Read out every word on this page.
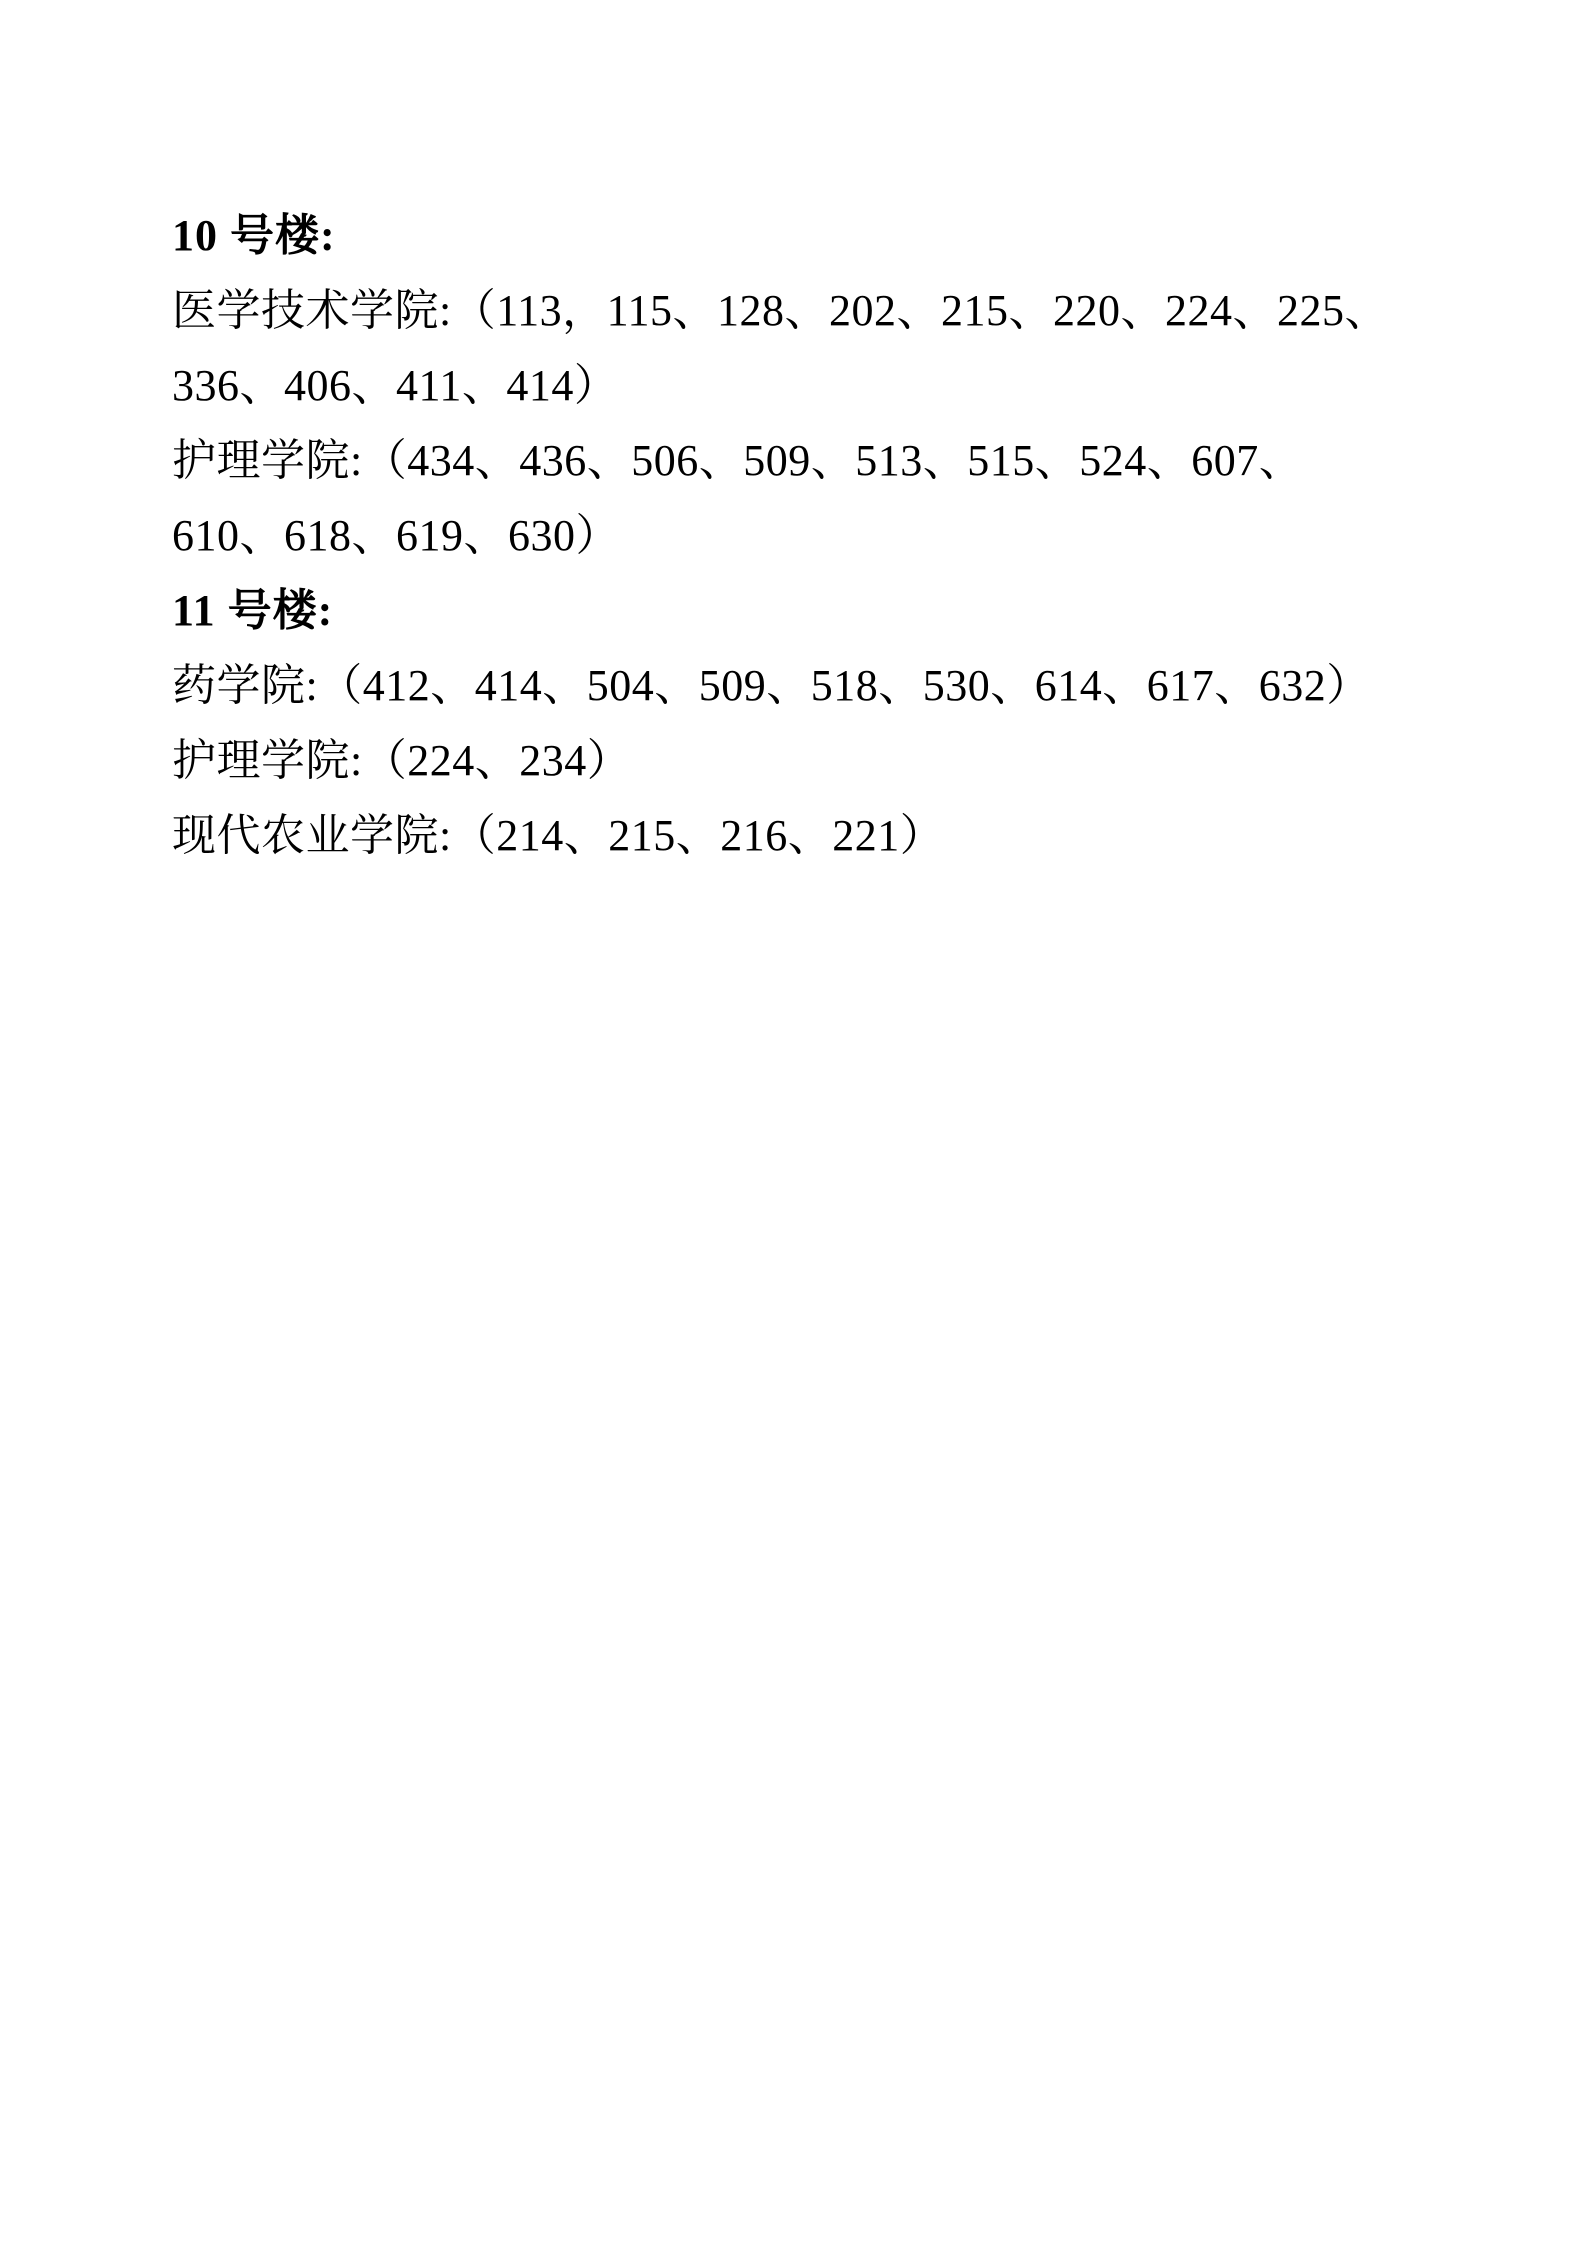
10 号楼:
医学技术学院:（113，115、128、202、215、220、224、225、
336、406、411、414）
护理学院:（434、436、506、509、513、515、524、607、
610、618、619、630）
11 号楼:
药学院:（412、414、504、509、518、530、614、617、632）
护理学院:（224、234）
现代农业学院:（214、215、216、221）
